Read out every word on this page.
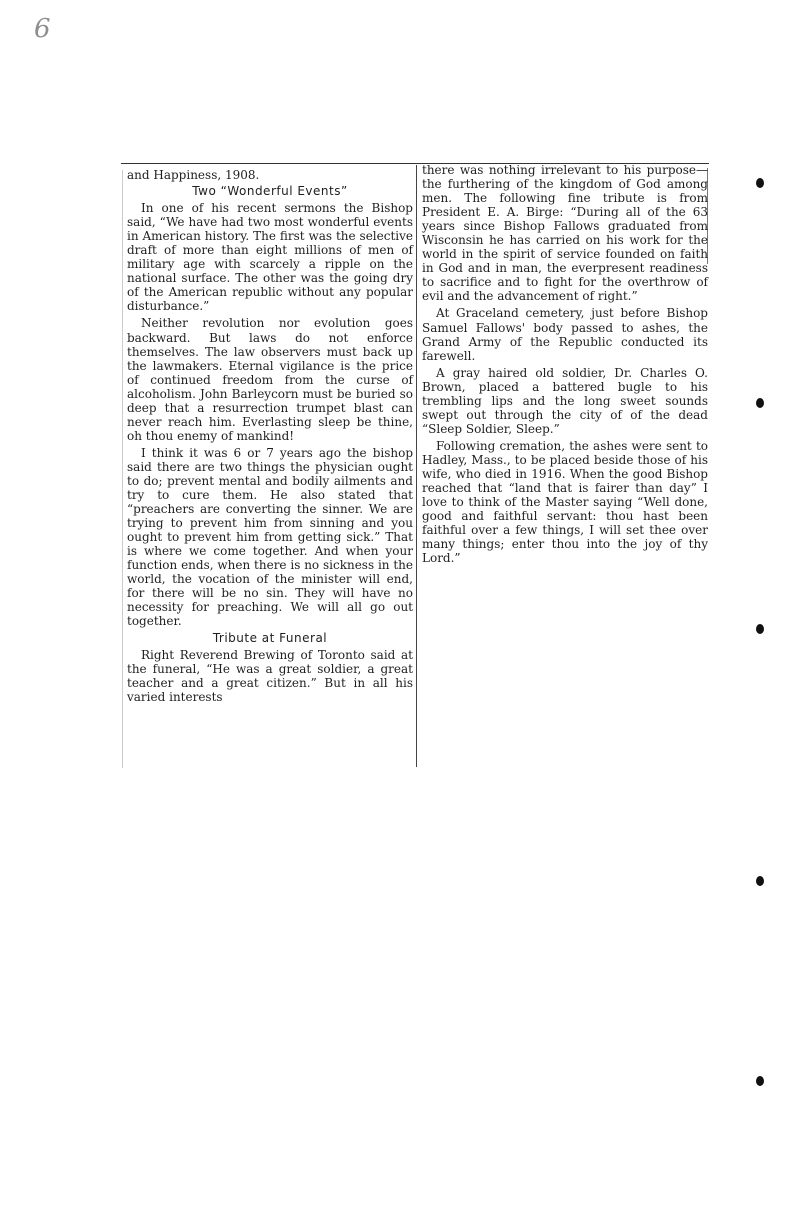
6

and Happiness, 1908.

Two “Wonderful Events”

In one of his recent sermons the Bishop said, “We have had two most wonderful events in American history. The first was the selective draft of more than eight millions of men of military age with scarcely a ripple on the national surface. The other was the going dry of the American republic without any popular disturbance.”

Neither revolution nor evolution goes backward. But laws do not enforce themselves. The law observers must back up the lawmakers. Eternal vigilance is the price of continued freedom from the curse of alcoholism. John Barleycorn must be buried so deep that a resurrection trumpet blast can never reach him. Everlasting sleep be thine, oh thou enemy of mankind!

I think it was 6 or 7 years ago the bishop said there are two things the physician ought to do; prevent mental and bodily ailments and try to cure them. He also stated that “preachers are converting the sinner. We are trying to prevent him from sinning and you ought to prevent him from getting sick.” That is where we come together. And when your function ends, when there is no sickness in the world, the vocation of the minister will end, for there will be no sin. They will have no necessity for preaching. We will all go out together.

Tribute at Funeral

Right Reverend Brewing of Toronto said at the funeral, “He was a great soldier, a great teacher and a great citizen.” But in all his varied interests

there was nothing irrelevant to his purpose—the furthering of the kingdom of God among men. The following fine tribute is from President E. A. Birge: “During all of the 63 years since Bishop Fallows graduated from Wisconsin he has carried on his work for the world in the spirit of service founded on faith in God and in man, the everpresent readiness to sacrifice and to fight for the overthrow of evil and the advancement of right.”

At Graceland cemetery, just before Bishop Samuel Fallows' body passed to ashes, the Grand Army of the Republic conducted its farewell.

A gray haired old soldier, Dr. Charles O. Brown, placed a battered bugle to his trembling lips and the long sweet sounds swept out through the city of of the dead “Sleep Soldier, Sleep.”

Following cremation, the ashes were sent to Hadley, Mass., to be placed beside those of his wife, who died in 1916. When the good Bishop reached that “land that is fairer than day” I love to think of the Master saying “Well done, good and faithful servant: thou hast been faithful over a few things, I will set thee over many things; enter thou into the joy of thy Lord.”
